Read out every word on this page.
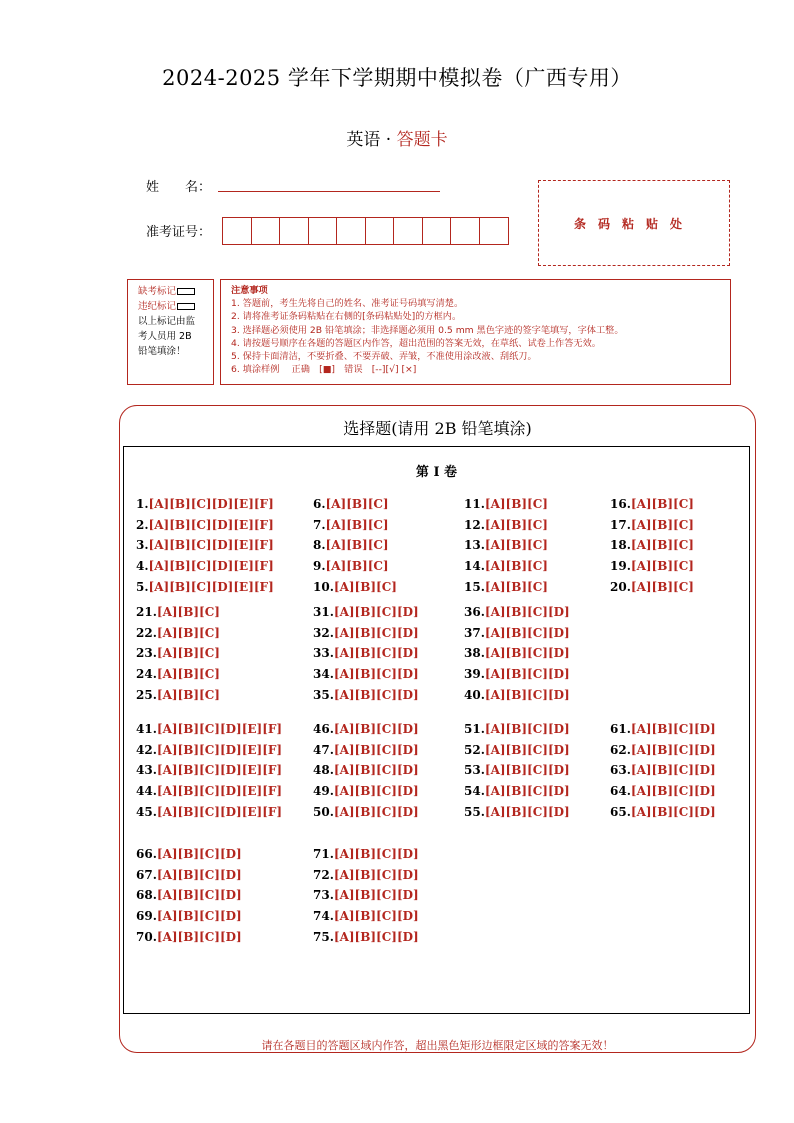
2024-2025 学年下学期期中模拟卷（广西专用）
英语 · 答题卡
姓　　名：
准考证号：
条码粘贴处
缺考标记
违纪标记
以上标记由监
考人员用 2B
铅笔填涂！
注意事项
1. 答题前，考生先将自己的姓名、准考证号码填写清楚。
2. 请将准考证条码粘贴在右侧的[条码粘贴处]的方框内。
3. 选择题必须使用 2B 铅笔填涂；非选择题必须用 0.5 mm 黑色字迹的签字笔填写，字体工整。
4. 请按题号顺序在各题的答题区内作答，超出范围的答案无效，在草纸、试卷上作答无效。
5. 保持卡面清洁，不要折叠、不要弄破、弄皱，不准使用涂改液、刮纸刀。
6. 填涂样例　 正确　[■]　错误　[--][√] [×]
选择题(请用 2B 铅笔填涂)
第 I 卷
1.[A][B][C][D][E][F]
2.[A][B][C][D][E][F]
3.[A][B][C][D][E][F]
4.[A][B][C][D][E][F]
5.[A][B][C][D][E][F]
6.[A][B][C]
7.[A][B][C]
8.[A][B][C]
9.[A][B][C]
10.[A][B][C]
11.[A][B][C]
12.[A][B][C]
13.[A][B][C]
14.[A][B][C]
15.[A][B][C]
16.[A][B][C]
17.[A][B][C]
18.[A][B][C]
19.[A][B][C]
20.[A][B][C]
21.[A][B][C]
22.[A][B][C]
23.[A][B][C]
24.[A][B][C]
25.[A][B][C]
31.[A][B][C][D]
32.[A][B][C][D]
33.[A][B][C][D]
34.[A][B][C][D]
35.[A][B][C][D]
36.[A][B][C][D]
37.[A][B][C][D]
38.[A][B][C][D]
39.[A][B][C][D]
40.[A][B][C][D]
41.[A][B][C][D][E][F]
42.[A][B][C][D][E][F]
43.[A][B][C][D][E][F]
44.[A][B][C][D][E][F]
45.[A][B][C][D][E][F]
46.[A][B][C][D]
47.[A][B][C][D]
48.[A][B][C][D]
49.[A][B][C][D]
50.[A][B][C][D]
51.[A][B][C][D]
52.[A][B][C][D]
53.[A][B][C][D]
54.[A][B][C][D]
55.[A][B][C][D]
61.[A][B][C][D]
62.[A][B][C][D]
63.[A][B][C][D]
64.[A][B][C][D]
65.[A][B][C][D]
66.[A][B][C][D]
67.[A][B][C][D]
68.[A][B][C][D]
69.[A][B][C][D]
70.[A][B][C][D]
71.[A][B][C][D]
72.[A][B][C][D]
73.[A][B][C][D]
74.[A][B][C][D]
75.[A][B][C][D]
请在各题目的答题区域内作答，超出黑色矩形边框限定区域的答案无效！
